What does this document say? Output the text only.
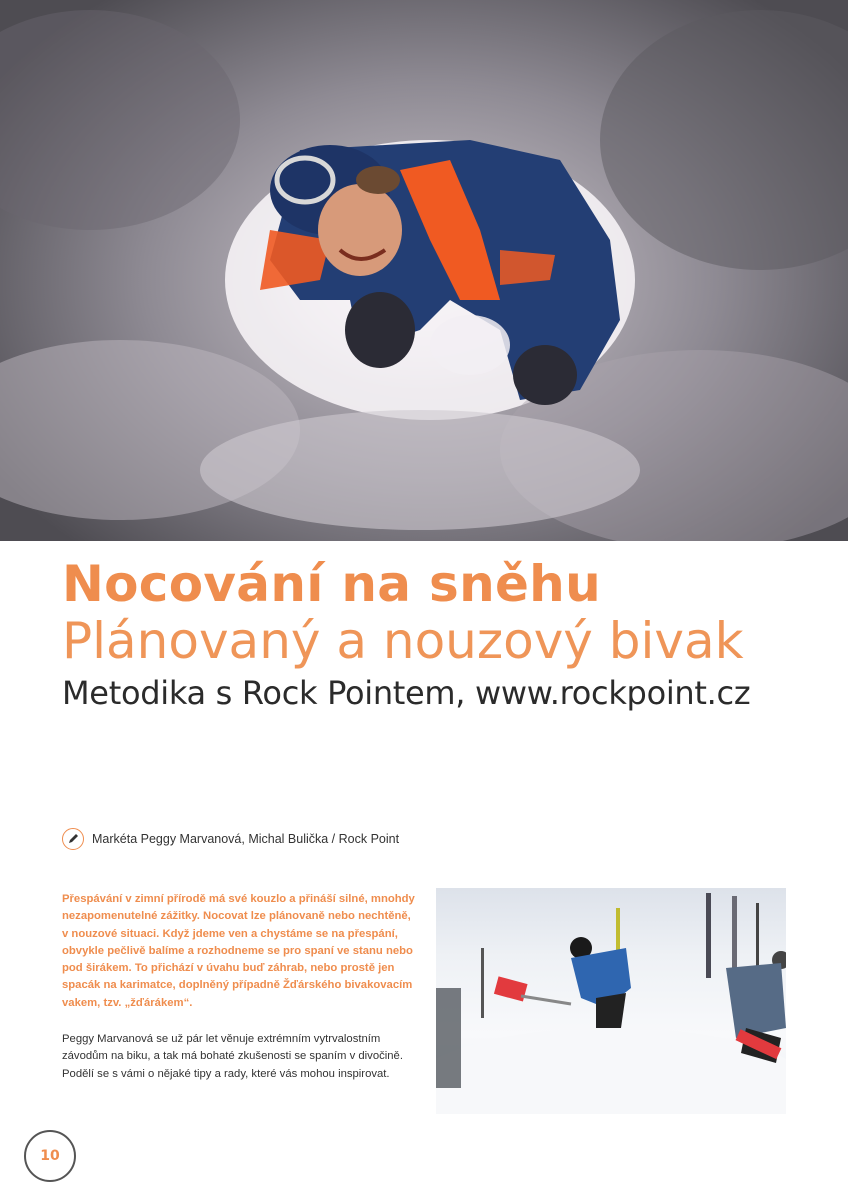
Nocování na sněhu
Plánovaný a nouzový bivak
Metodika s Rock Pointem, www.rockpoint.cz
Markéta Peggy Marvanová, Michal Bulička / Rock Point

Přespávání v zimní přírodě má své kouzlo a přináší silné, mnohdy nezapomenutelné zážitky. Nocovat lze plánovaně nebo nechtěně, v nouzové situaci. Když jdeme ven a chystáme se na přespání, obvykle pečlivě balíme a rozhodneme se pro spaní ve stanu nebo pod širákem. To přichází v úvahu buď záhrab, nebo prostě jen spacák na karimatce, doplněný případně Žďárského bivakovacím vakem, tzv. „žďárákem“.

Peggy Marvanová se už pár let věnuje extrémním vytrvalostním závodům na biku, a tak má bohaté zkušenosti se spaním v divočině. Podělí se s vámi o nějaké tipy a rady, které vás mohou inspirovat.

10
